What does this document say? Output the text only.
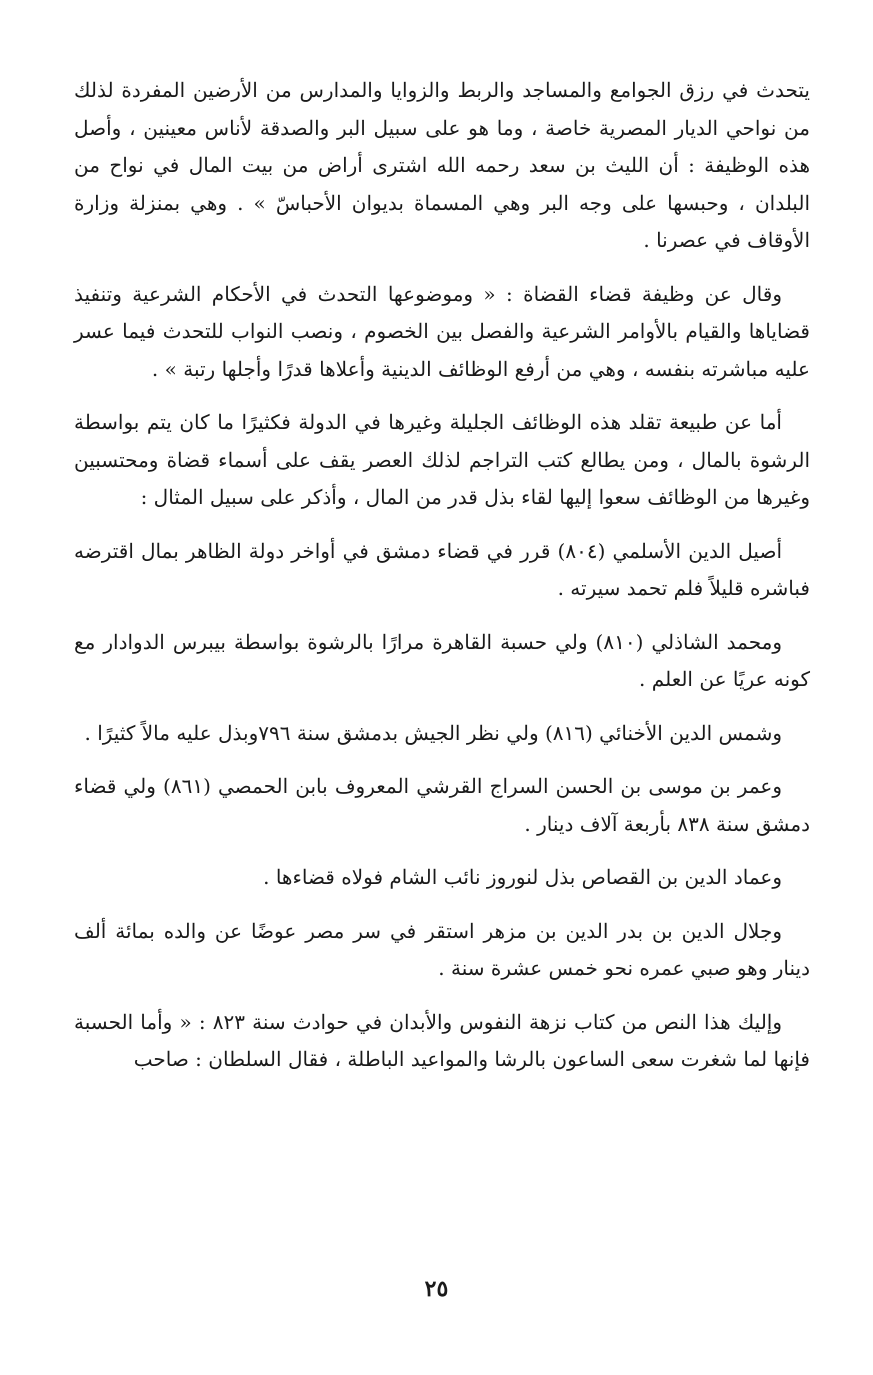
يتحدث في رزق الجوامع والمساجد والربط والزوايا والمدارس من الأرضين المفردة لذلك من نواحي الديار المصرية خاصة ، وما هو على سبيل البر والصدقة لأناس معينين ، وأصل هذه الوظيفة : أن الليث بن سعد رحمه الله اشترى أراض من بيت المال في نواح من البلدان ، وحبسها على وجه البر وهي المسماة بديوان الأحباسّ » . وهي بمنزلة وزارة الأوقاف في عصرنا .

وقال عن وظيفة قضاء القضاة : « وموضوعها التحدث في الأحكام الشرعية وتنفيذ قضاياها والقيام بالأوامر الشرعية والفصل بين الخصوم ، ونصب النواب للتحدث فيما عسر عليه مباشرته بنفسه ، وهي من أرفع الوظائف الدينية وأعلاها قدرًا وأجلها رتبة » .

أما عن طبيعة تقلد هذه الوظائف الجليلة وغيرها في الدولة فكثيرًا ما كان يتم بواسطة الرشوة بالمال ، ومن يطالع كتب التراجم لذلك العصر يقف على أسماء قضاة ومحتسبين وغيرها من الوظائف سعوا إليها لقاء بذل قدر من المال ، وأذكر على سبيل المثال :

أصيل الدين الأسلمي (٨٠٤) قرر في قضاء دمشق في أواخر دولة الظاهر بمال اقترضه فباشره قليلاً فلم تحمد سيرته .

ومحمد الشاذلي (٨١٠) ولي حسبة القاهرة مرارًا بالرشوة بواسطة بيبرس الدوادار مع كونه عريًا عن العلم .

وشمس الدين الأخنائي (٨١٦) ولي نظر الجيش بدمشق سنة ٧٩٦وبذل عليه مالاً كثيرًا .

وعمر بن موسى بن الحسن السراج القرشي المعروف بابن الحمصي (٨٦١) ولي قضاء دمشق سنة ٨٣٨ بأربعة آلاف دينار .

وعماد الدين بن القصاص بذل لنوروز نائب الشام فولاه قضاءها .

وجلال الدين بن بدر الدين بن مزهر استقر في سر مصر عوضًا عن والده بمائة ألف دينار وهو صبي عمره نحو خمس عشرة سنة .

وإليك هذا النص من كتاب نزهة النفوس والأبدان في حوادث سنة ٨٢٣ : « وأما الحسبة فإنها لما شغرت سعى الساعون بالرشا والمواعيد الباطلة ، فقال السلطان : صاحب

٢٥
